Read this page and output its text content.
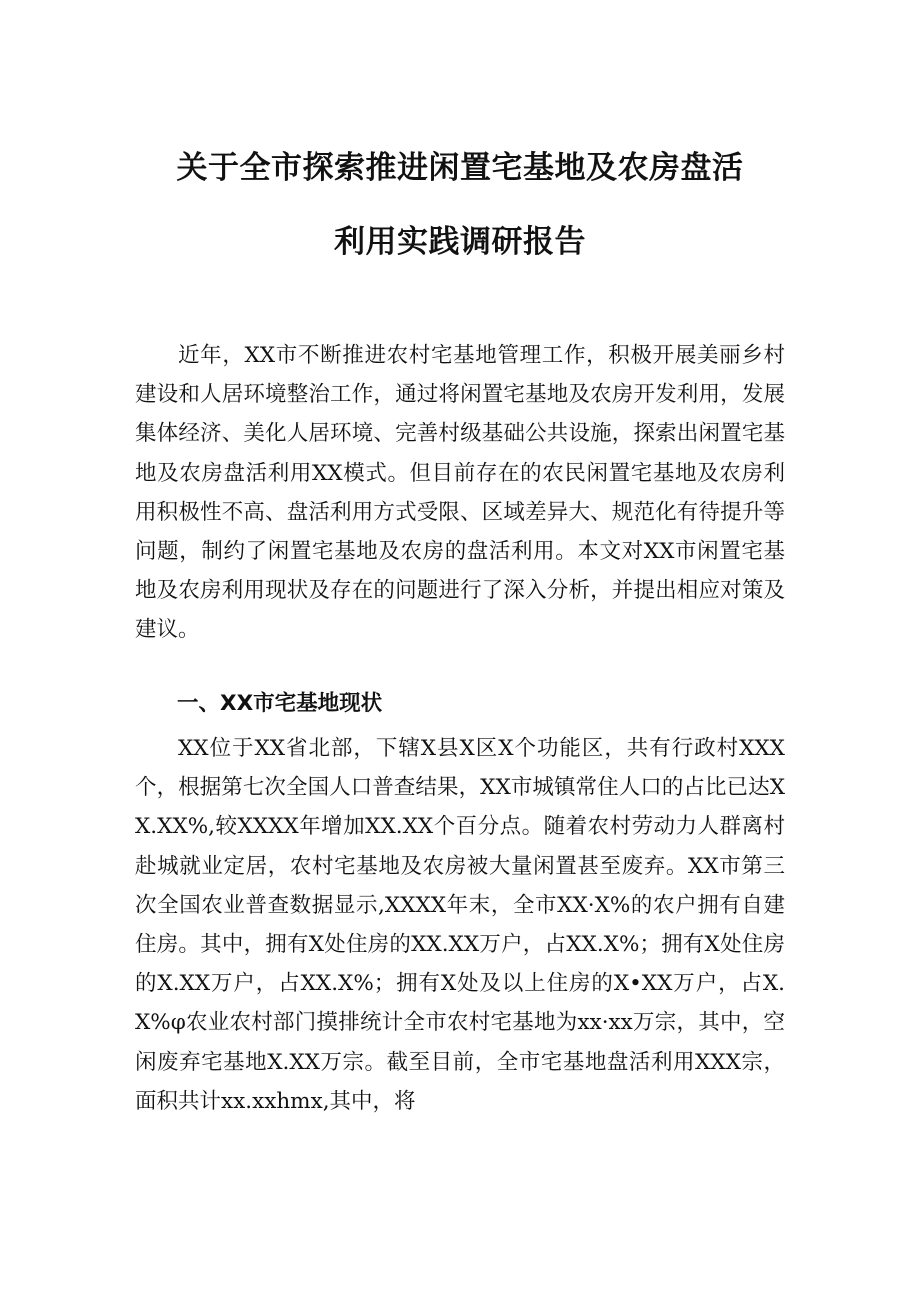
关于全市探索推进闲置宅基地及农房盘活
利用实践调研报告

近年，XX市不断推进农村宅基地管理工作，积极开展美丽乡村建设和人居环境整治工作，通过将闲置宅基地及农房开发利用，发展集体经济、美化人居环境、完善村级基础公共设施，探索出闲置宅基地及农房盘活利用XX模式。但目前存在的农民闲置宅基地及农房利用积极性不高、盘活利用方式受限、区域差异大、规范化有待提升等问题，制约了闲置宅基地及农房的盘活利用。本文对XX市闲置宅基地及农房利用现状及存在的问题进行了深入分析，并提出相应对策及建议。

一、XX市宅基地现状

XX位于XX省北部，下辖X县X区X个功能区，共有行政村XXX个，根据第七次全国人口普查结果，XX市城镇常住人口的占比已达XX.XX%,较XXXX年增加XX.XX个百分点。随着农村劳动力人群离村赴城就业定居，农村宅基地及农房被大量闲置甚至废弃。XX市第三次全国农业普查数据显示,XXXX年末，全市XX·X%的农户拥有自建住房。其中，拥有X处住房的XX.XX万户，占XX.X%；拥有X处住房的X.XX万户，占XX.X%；拥有X处及以上住房的X•XX万户，占X.X%φ农业农村部门摸排统计全市农村宅基地为xx·xx万宗，其中，空闲废弃宅基地X.XX万宗。截至目前，全市宅基地盘活利用XXX宗，面积共计xx.xxhmx,其中，将
